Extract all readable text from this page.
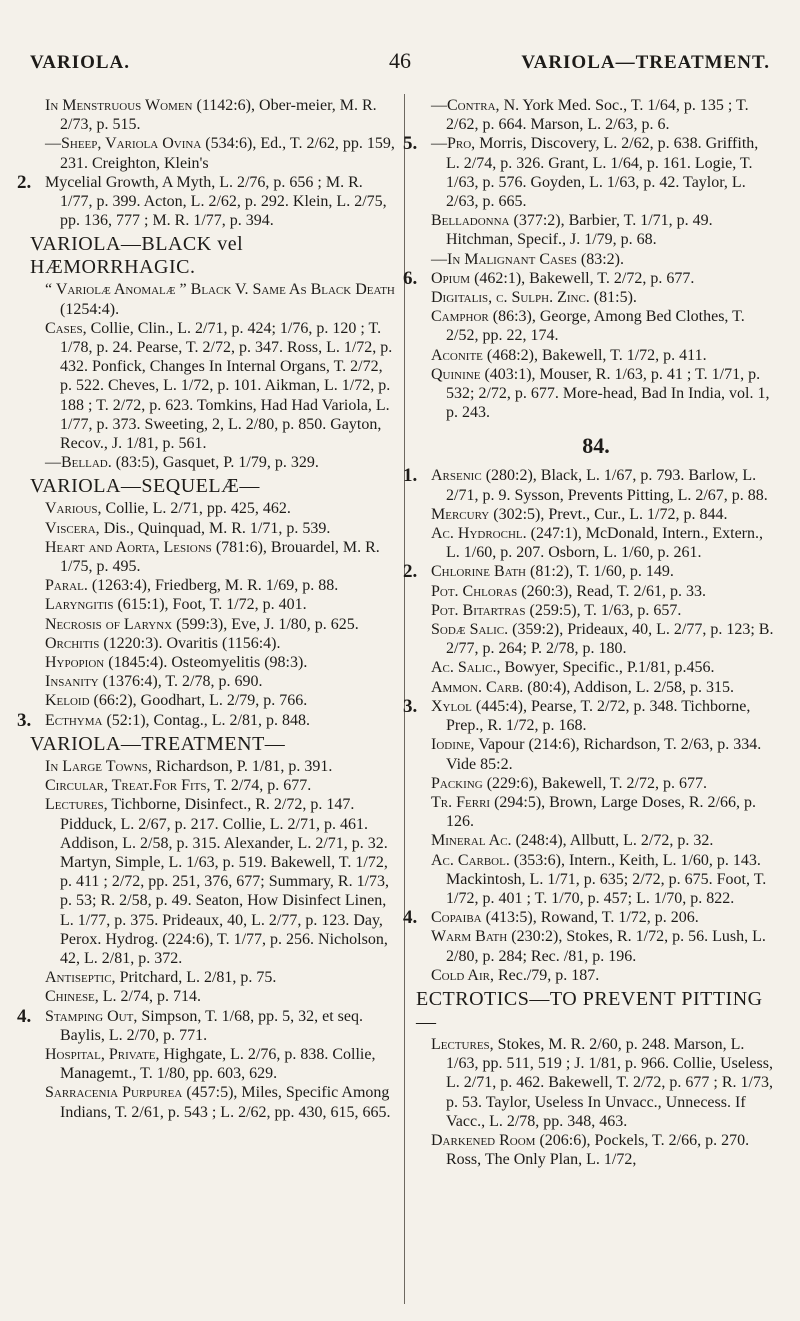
VARIOLA.	46	VARIOLA—TREATMENT.

In Menstruous Women (1142:6), Ober-meier, M. R. 2/73, p. 515.

—Sheep, Variola Ovina (534:6), Ed., T. 2/62, pp. 159, 231. Creighton, Klein's

2. Mycelial Growth, A Myth, L. 2/76, p. 656 ; M. R. 1/77, p. 399. Acton, L. 2/62, p. 292. Klein, L. 2/75, pp. 136, 777 ; M. R. 1/77, p. 394.

VARIOLA—BLACK vel HÆMORRHAGIC.

“ Variolæ Anomalæ ” Black V. Same As Black Death (1254:4).

Cases, Collie, Clin., L. 2/71, p. 424; 1/76, p. 120 ; T. 1/78, p. 24. Pearse, T. 2/72, p. 347. Ross, L. 1/72, p. 432. Ponfick, Changes In Internal Organs, T. 2/72, p. 522. Cheves, L. 1/72, p. 101. Aikman, L. 1/72, p. 188 ; T. 2/72, p. 623. Tomkins, Had Had Variola, L. 1/77, p. 373. Sweeting, 2, L. 2/80, p. 850. Gayton, Recov., J. 1/81, p. 561.

—Bellad. (83:5), Gasquet, P. 1/79, p. 329.

VARIOLA—SEQUELÆ—

Various, Collie, L. 2/71, pp. 425, 462.

Viscera, Dis., Quinquad, M. R. 1/71, p. 539.

Heart and Aorta, Lesions (781:6), Brouardel, M. R. 1/75, p. 495.

Paral. (1263:4), Friedberg, M. R. 1/69, p. 88.

Laryngitis (615:1), Foot, T. 1/72, p. 401.

Necrosis of Larynx (599:3), Eve, J. 1/80, p. 625.

Orchitis (1220:3). Ovaritis (1156:4).

Hypopion (1845:4). Osteomyelitis (98:3).

Insanity (1376:4), T. 2/78, p. 690.

Keloid (66:2), Goodhart, L. 2/79, p. 766.

3. Ecthyma (52:1), Contag., L. 2/81, p. 848.

VARIOLA—TREATMENT—

In Large Towns, Richardson, P. 1/81, p. 391.

Circular, Treat.For Fits, T. 2/74, p. 677.

Lectures, Tichborne, Disinfect., R. 2/72, p. 147. Pidduck, L. 2/67, p. 217. Collie, L. 2/71, p. 461. Addison, L. 2/58, p. 315. Alexander, L. 2/71, p. 32. Martyn, Simple, L. 1/63, p. 519. Bakewell, T. 1/72, p. 411 ; 2/72, pp. 251, 376, 677; Summary, R. 1/73, p. 53; R. 2/58, p. 49. Seaton, How Disinfect Linen, L. 1/77, p. 375. Prideaux, 40, L. 2/77, p. 123. Day, Perox. Hydrog. (224:6), T. 1/77, p. 256. Nicholson, 42, L. 2/81, p. 372.

Antiseptic, Pritchard, L. 2/81, p. 75.

Chinese, L. 2/74, p. 714.

4. Stamping Out, Simpson, T. 1/68, pp. 5, 32, et seq. Baylis, L. 2/70, p. 771.

Hospital, Private, Highgate, L. 2/76, p. 838. Collie, Managemt., T. 1/80, pp. 603, 629.

Sarracenia Purpurea (457:5), Miles, Specific Among Indians, T. 2/61, p. 543 ; L. 2/62, pp. 430, 615, 665.

—Contra, N. York Med. Soc., T. 1/64, p. 135 ; T. 2/62, p. 664. Marson, L. 2/63, p. 6.

5. —Pro, Morris, Discovery, L. 2/62, p. 638. Griffith, L. 2/74, p. 326. Grant, L. 1/64, p. 161. Logie, T. 1/63, p. 576. Goyden, L. 1/63, p. 42. Taylor, L. 2/63, p. 665.

Belladonna (377:2), Barbier, T. 1/71, p. 49. Hitchman, Specif., J. 1/79, p. 68.

—In Malignant Cases (83:2).

6. Opium (462:1), Bakewell, T. 2/72, p. 677.

Digitalis, c. Sulph. Zinc. (81:5).

Camphor (86:3), George, Among Bed Clothes, T. 2/52, pp. 22, 174.

Aconite (468:2), Bakewell, T. 1/72, p. 411.

Quinine (403:1), Mouser, R. 1/63, p. 41 ; T. 1/71, p. 532; 2/72, p. 677. More-head, Bad In India, vol. 1, p. 243.

84.

1. Arsenic (280:2), Black, L. 1/67, p. 793. Barlow, L. 2/71, p. 9. Sysson, Prevents Pitting, L. 2/67, p. 88.

Mercury (302:5), Prevt., Cur., L. 1/72, p. 844.

Ac. Hydrochl. (247:1), McDonald, Intern., Extern., L. 1/60, p. 207. Osborn, L. 1/60, p. 261.

2. Chlorine Bath (81:2), T. 1/60, p. 149.

Pot. Chloras (260:3), Read, T. 2/61, p. 33.

Pot. Bitartras (259:5), T. 1/63, p. 657.

Sodæ Salic. (359:2), Prideaux, 40, L. 2/77, p. 123; B. 2/77, p. 264; P. 2/78, p. 180.

Ac. Salic., Bowyer, Specific., P.1/81, p.456.

Ammon. Carb. (80:4), Addison, L. 2/58, p. 315.

3. Xylol (445:4), Pearse, T. 2/72, p. 348. Tichborne, Prep., R. 1/72, p. 168.

Iodine, Vapour (214:6), Richardson, T. 2/63, p. 334. Vide 85:2.

Packing (229:6), Bakewell, T. 2/72, p. 677.

Tr. Ferri (294:5), Brown, Large Doses, R. 2/66, p. 126.

Mineral Ac. (248:4), Allbutt, L. 2/72, p. 32.

Ac. Carbol. (353:6), Intern., Keith, L. 1/60, p. 143. Mackintosh, L. 1/71, p. 635; 2/72, p. 675. Foot, T. 1/72, p. 401 ; T. 1/70, p. 457; L. 1/70, p. 822.

4. Copaiba (413:5), Rowand, T. 1/72, p. 206.

Warm Bath (230:2), Stokes, R. 1/72, p. 56. Lush, L. 2/80, p. 284; Rec. /81, p. 196.

Cold Air, Rec./79, p. 187.

ECTROTICS—TO PREVENT PITTING—

Lectures, Stokes, M. R. 2/60, p. 248. Marson, L. 1/63, pp. 511, 519 ; J. 1/81, p. 966. Collie, Useless, L. 2/71, p. 462. Bakewell, T. 2/72, p. 677 ; R. 1/73, p. 53. Taylor, Useless In Unvacc., Unnecess. If Vacc., L. 2/78, pp. 348, 463.

Darkened Room (206:6), Pockels, T. 2/66, p. 270. Ross, The Only Plan, L. 1/72,
